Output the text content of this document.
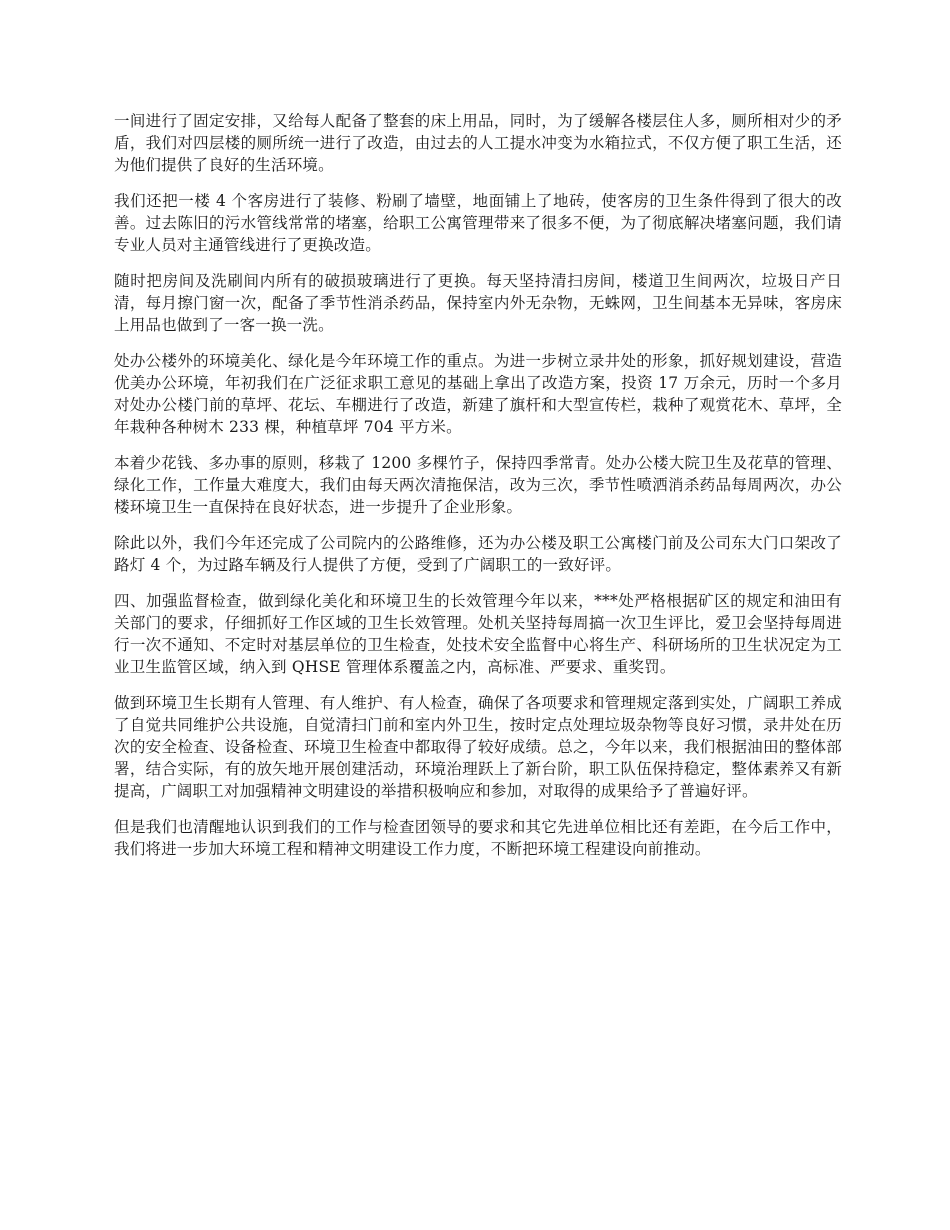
一间进行了固定安排，又给每人配备了整套的床上用品，同时，为了缓解各楼层住人多，厕所相对少的矛盾，我们对四层楼的厕所统一进行了改造，由过去的人工提水冲变为水箱拉式，不仅方便了职工生活，还为他们提供了良好的生活环境。

我们还把一楼 4 个客房进行了装修、粉刷了墙壁，地面铺上了地砖，使客房的卫生条件得到了很大的改善。过去陈旧的污水管线常常的堵塞，给职工公寓管理带来了很多不便，为了彻底解决堵塞问题，我们请专业人员对主通管线进行了更换改造。

随时把房间及洗刷间内所有的破损玻璃进行了更换。每天坚持清扫房间，楼道卫生间两次，垃圾日产日清，每月擦门窗一次，配备了季节性消杀药品，保持室内外无杂物，无蛛网，卫生间基本无异味，客房床上用品也做到了一客一换一洗。

处办公楼外的环境美化、绿化是今年环境工作的重点。为进一步树立录井处的形象，抓好规划建设，营造优美办公环境，年初我们在广泛征求职工意见的基础上拿出了改造方案，投资 17 万余元，历时一个多月对处办公楼门前的草坪、花坛、车棚进行了改造，新建了旗杆和大型宣传栏，栽种了观赏花木、草坪，全年栽种各种树木 233 棵，种植草坪 704 平方米。

本着少花钱、多办事的原则，移栽了 1200 多棵竹子，保持四季常青。处办公楼大院卫生及花草的管理、绿化工作，工作量大难度大，我们由每天两次清拖保洁，改为三次，季节性喷洒消杀药品每周两次，办公楼环境卫生一直保持在良好状态，进一步提升了企业形象。

除此以外，我们今年还完成了公司院内的公路维修，还为办公楼及职工公寓楼门前及公司东大门口架改了路灯 4 个，为过路车辆及行人提供了方便，受到了广阔职工的一致好评。

四、加强监督检查，做到绿化美化和环境卫生的长效管理今年以来，***处严格根据矿区的规定和油田有关部门的要求，仔细抓好工作区域的卫生长效管理。处机关坚持每周搞一次卫生评比，爱卫会坚持每周进行一次不通知、不定时对基层单位的卫生检查，处技术安全监督中心将生产、科研场所的卫生状况定为工业卫生监管区域，纳入到 QHSE 管理体系覆盖之内，高标准、严要求、重奖罚。

做到环境卫生长期有人管理、有人维护、有人检查，确保了各项要求和管理规定落到实处，广阔职工养成了自觉共同维护公共设施，自觉清扫门前和室内外卫生，按时定点处理垃圾杂物等良好习惯，录井处在历次的安全检查、设备检查、环境卫生检查中都取得了较好成绩。总之，今年以来，我们根据油田的整体部署，结合实际，有的放矢地开展创建活动，环境治理跃上了新台阶，职工队伍保持稳定，整体素养又有新提高，广阔职工对加强精神文明建设的举措积极响应和参加，对取得的成果给予了普遍好评。

但是我们也清醒地认识到我们的工作与检查团领导的要求和其它先进单位相比还有差距，在今后工作中，我们将进一步加大环境工程和精神文明建设工作力度，不断把环境工程建设向前推动。
